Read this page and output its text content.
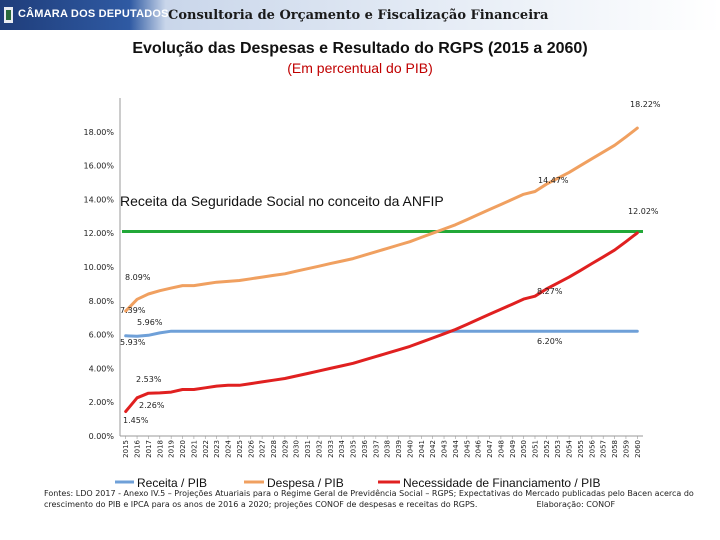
CÂMARA DOS DEPUTADOS Consultoria de Orçamento e Fiscalização Financeira
Evolução das Despesas e Resultado do RGPS (2015 a 2060)
(Em percentual do PIB)
0.00%
2.00%
4.00%
6.00%
8.00%
10.00%
12.00%
14.00%
16.00%
18.00%
2015 2016 2017 2018 2019 2020 2021 2022 2023 2024 2025 2026 2027 2028 2029 2030 2031 2032 2033 2034 2035 2036 2037 2038 2039 2040 2041 2042 2043 2044 2045 2046 2047 2048 2049 2050 2051 2052 2053 2054 2055 2056 2057 2058 2059 2060
Receita da Seguridade Social no conceito da ANFIP
18.22%
14.47%
12.02%
8.09%
8.27%
7.39%
5.96%
5.93%	6.20%
2.53%
2.26%
1.45%
Receita / PIB	Despesa / PIB	Necessidade de Financiamento / PIB
Fontes: LDO 2017 - Anexo IV.5 – Projeções Atuariais para o Regime Geral de Previdência Social – RGPS; Expectativas do Mercado publicadas pelo Bacen acerca do crescimento do PIB e IPCA para os anos de 2016 a 2020; projeções CONOF de despesas e receitas do RGPS.	Elaboração: CONOF
